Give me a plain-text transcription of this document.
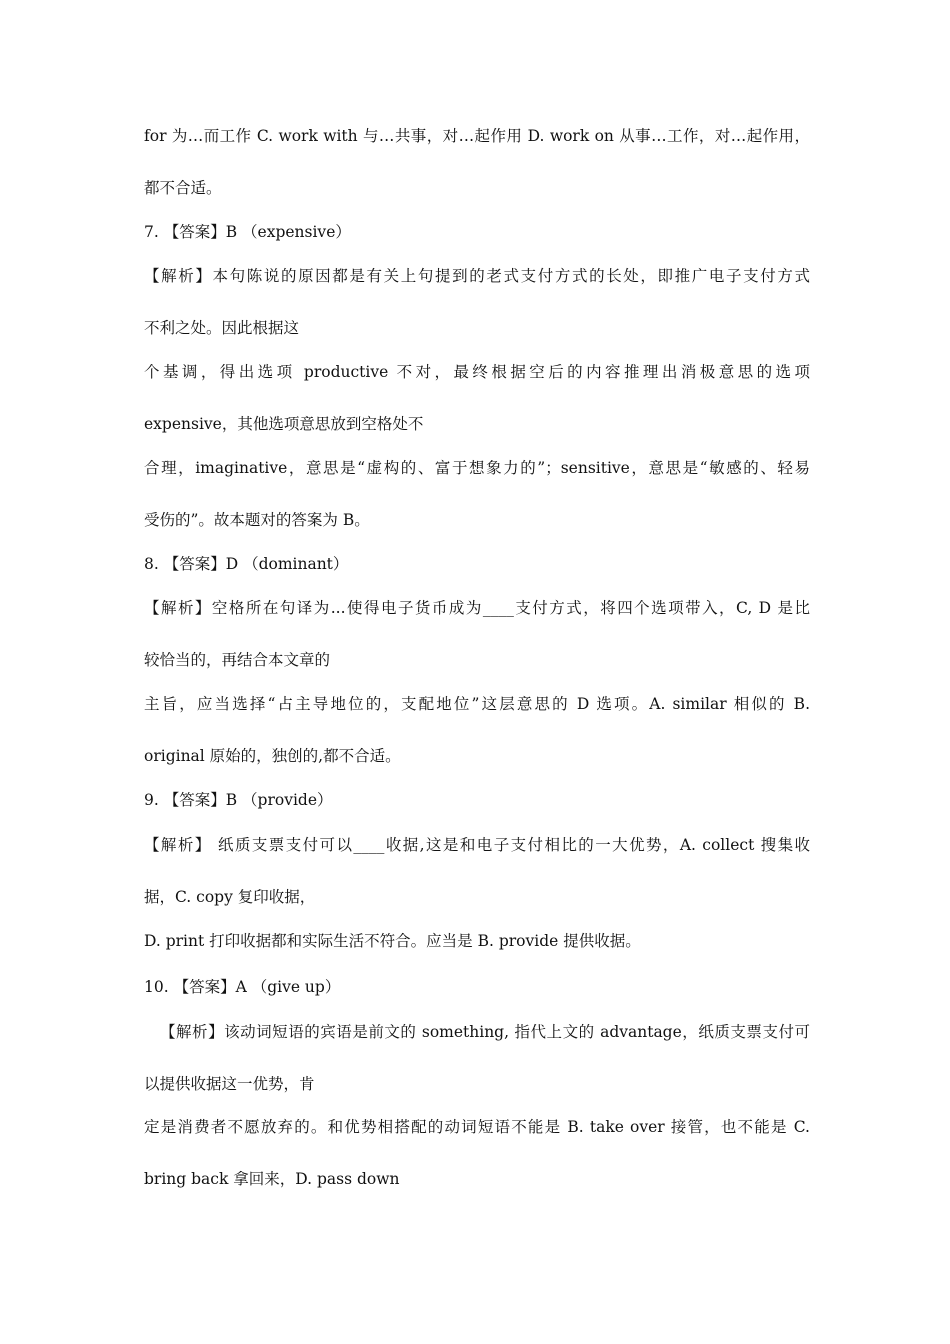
for 为…而工作 C. work with 与…共事，对…起作用 D. work on 从事…工作，对…起作用，
都不合适。
7. 【答案】B （expensive）
【解析】本句陈说的原因都是有关上句提到的老式支付方式的长处，即推广电子支付方式
不利之处。因此根据这
个基调，得出选项 productive 不对，最终根据空后的内容推理出消极意思的选项
expensive，其他选项意思放到空格处不
合理，imaginative，意思是“虚构的、富于想象力的”；sensitive，意思是“敏感的、轻易
受伤的”。故本题对的答案为 B。
8. 【答案】D （dominant）
【解析】空格所在句译为...使得电子货币成为____支付方式，将四个选项带入，C, D 是比
较恰当的，再结合本文章的
主旨，应当选择“占主导地位的，支配地位”这层意思的 D 选项。A. similar 相似的 B.
original 原始的，独创的,都不合适。
9. 【答案】B （provide）
【解析】 纸质支票支付可以____收据,这是和电子支付相比的一大优势，A. collect 搜集收
据，C. copy 复印收据，
D. print 打印收据都和实际生活不符合。应当是 B. provide 提供收据。
10. 【答案】A （give up）
【解析】该动词短语的宾语是前文的 something, 指代上文的 advantage，纸质支票支付可
以提供收据这一优势，肯
定是消费者不愿放弃的。和优势相搭配的动词短语不能是 B. take over 接管，也不能是 C.
bring back 拿回来，D. pass down
